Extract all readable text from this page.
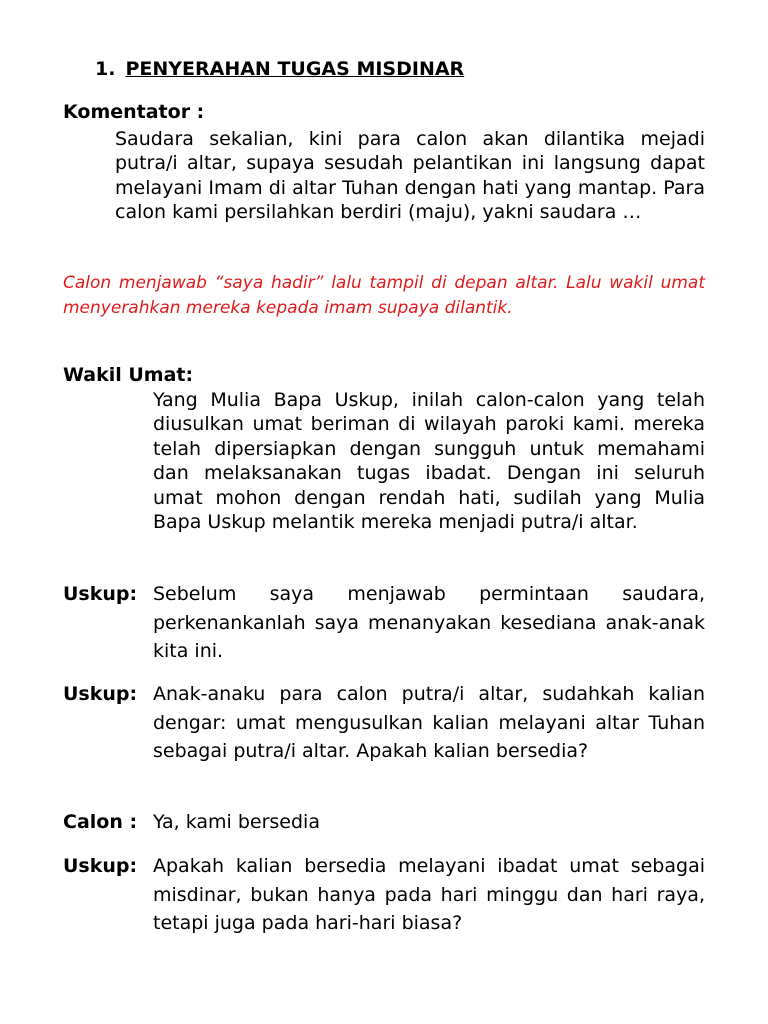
1. PENYERAHAN TUGAS MISDINAR
Komentator :
Saudara sekalian, kini para calon akan dilantika mejadi putra/i altar, supaya sesudah pelantikan ini langsung dapat melayani Imam di altar Tuhan dengan hati yang mantap. Para calon kami persilahkan berdiri (maju), yakni saudara …
Calon menjawab “saya hadir” lalu tampil di depan altar. Lalu wakil umat menyerahkan mereka kepada imam supaya dilantik.
Wakil Umat:
Yang Mulia Bapa Uskup, inilah calon-calon yang telah diusulkan umat beriman di wilayah paroki kami. mereka telah dipersiapkan dengan sungguh untuk memahami dan melaksanakan tugas ibadat. Dengan ini seluruh umat mohon dengan rendah hati, sudilah yang Mulia Bapa Uskup melantik mereka menjadi putra/i altar.
Uskup: Sebelum saya menjawab permintaan saudara, perkenankanlah saya menanyakan kesediana anak-anak kita ini.
Uskup: Anak-anaku para calon putra/i altar, sudahkah kalian dengar: umat mengusulkan kalian melayani altar Tuhan sebagai putra/i altar. Apakah kalian bersedia?
Calon : Ya, kami bersedia
Uskup: Apakah kalian bersedia melayani ibadat umat sebagai misdinar, bukan hanya pada hari minggu dan hari raya, tetapi juga pada hari-hari biasa?
